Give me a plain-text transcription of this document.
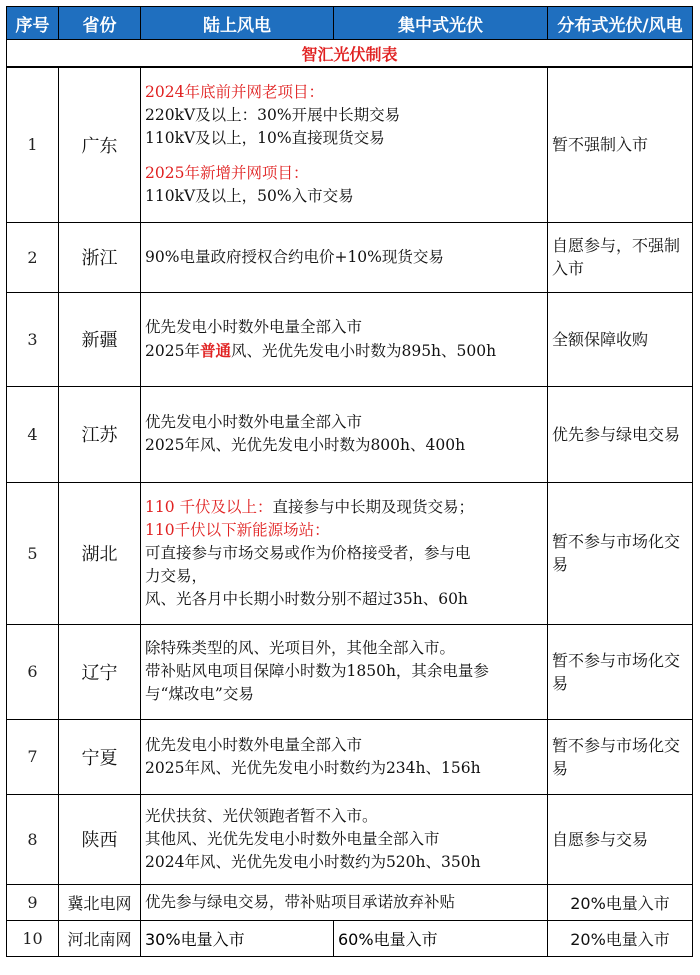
序号	省份	陆上风电	集中式光伏	分布式光伏/风电
智汇光伏制表				
1	广东	2024年底前并网老项目：
220kV及以上：30%开展中长期交易
110kV及以上，10%直接现货交易
2025年新增并网项目：
110kV及以上，50%入市交易		暂不强制入市
2	浙江	90%电量政府授权合约电价+10%现货交易		自愿参与，不强制入市
3	新疆	优先发电小时数外电量全部入市
2025年普通风、光优先发电小时数为895h、500h		全额保障收购
4	江苏	优先发电小时数外电量全部入市
2025年风、光优先发电小时数为800h、400h		优先参与绿电交易
5	湖北	110 千伏及以上：直接参与中长期及现货交易；
110千伏以下新能源场站：
可直接参与市场交易或作为价格接受者，参与电
力交易，
风、光各月中长期小时数分别不超过35h、60h		暂不参与市场化交易
6	辽宁	除特殊类型的风、光项目外，其他全部入市。
带补贴风电项目保障小时数为1850h，其余电量参
与“煤改电”交易		暂不参与市场化交易
7	宁夏	优先发电小时数外电量全部入市
2025年风、光优先发电小时数约为234h、156h		暂不参与市场化交易
8	陕西	光伏扶贫、光伏领跑者暂不入市。
其他风、光优先发电小时数外电量全部入市
2024年风、光优先发电小时数约为520h、350h		自愿参与交易
9	冀北电网	优先参与绿电交易，带补贴项目承诺放弃补贴		20%电量入市
10	河北南网	30%电量入市	60%电量入市	20%电量入市
